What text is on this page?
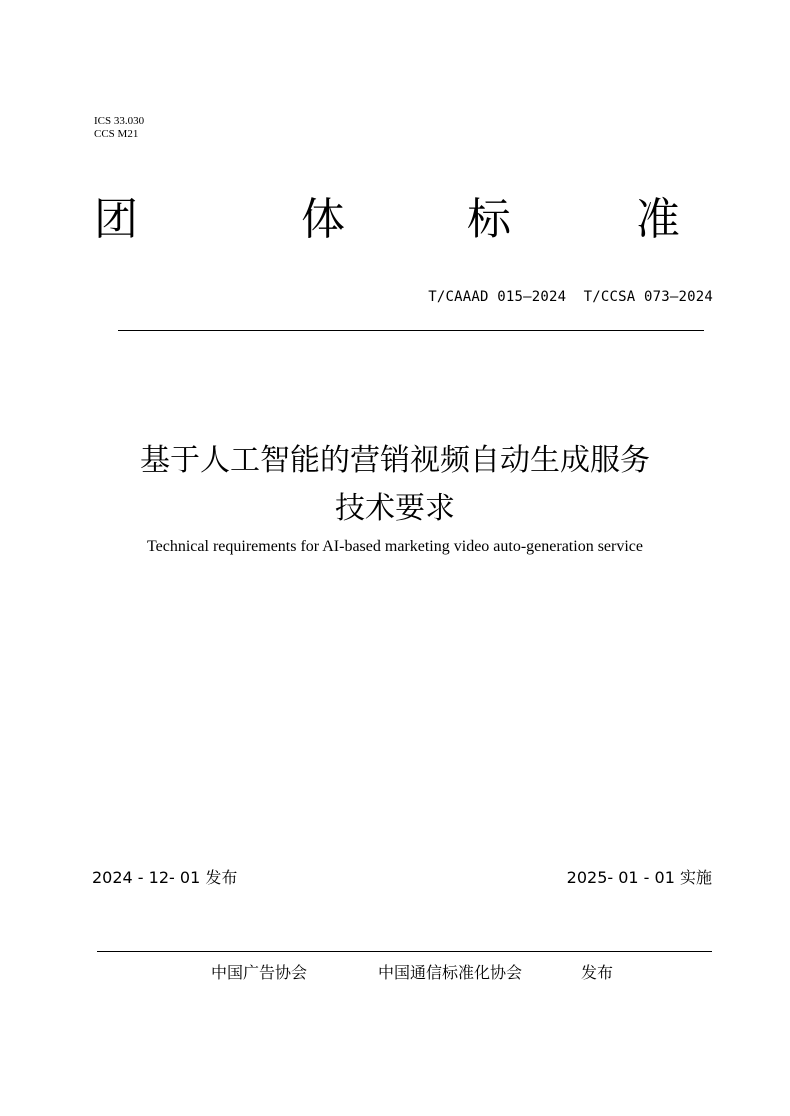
ICS 33.030
CCS M21
团	体	标	准
T/CAAAD 015—2024  T/CCSA 073—2024
基于人工智能的营销视频自动生成服务
技术要求
Technical requirements for AI-based marketing video auto-generation service
2024 - 12- 01 发布	2025- 01 - 01 实施
中国广告协会	中国通信标准化协会	发布
